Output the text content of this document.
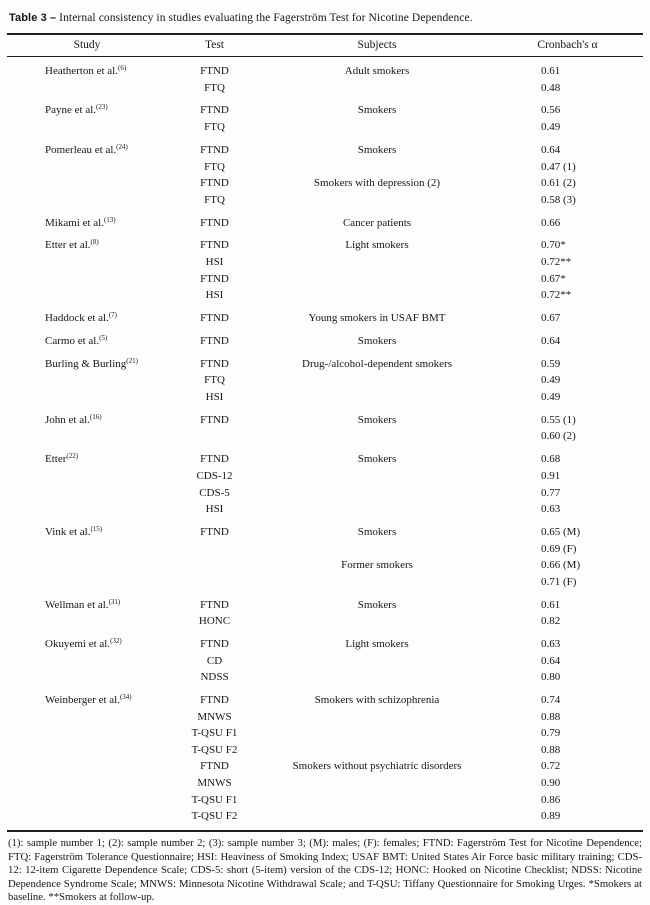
Table 3 – Internal consistency in studies evaluating the Fagerström Test for Nicotine Dependence.
Study	Test	Subjects	Cronbach's α
Heatherton et al.$^{(6)}$	FTND	Adult smokers	0.61
	FTQ		0.48
Payne et al.$^{(23)}$	FTND	Smokers	0.56
	FTQ		0.49
Pomerleau et al.$^{(24)}$	FTND	Smokers	0.64
	FTQ		0.47 (1)
	FTND	Smokers with depression (2)	0.61 (2)
	FTQ		0.58 (3)
Mikami et al.$^{(13)}$	FTND	Cancer patients	0.66
Etter et al.$^{(8)}$	FTND	Light smokers	0.70*
	HSI		0.72**
	FTND		0.67*
	HSI		0.72**
Haddock et al.$^{(7)}$	FTND	Young smokers in USAF BMT	0.67
Carmo et al.$^{(5)}$	FTND	Smokers	0.64
Burling & Burling$^{(21)}$	FTND	Drug-/alcohol-dependent smokers	0.59
	FTQ		0.49
	HSI		0.49
John et al.$^{(16)}$	FTND	Smokers	0.55 (1)
			0.60 (2)
Etter$^{(22)}$	FTND	Smokers	0.68
	CDS-12		0.91
	CDS-5		0.77
	HSI		0.63
Vink et al.$^{(15)}$	FTND	Smokers	0.65 (M)
			0.69 (F)
		Former smokers	0.66 (M)
			0.71 (F)
Wellman et al.$^{(31)}$	FTND	Smokers	0.61
	HONC		0.82
Okuyemi et al.$^{(32)}$	FTND	Light smokers	0.63
	CD		0.64
	NDSS		0.80
Weinberger et al.$^{(34)}$	FTND	Smokers with schizophrenia	0.74
	MNWS		0.88
	T-QSU F1		0.79
	T-QSU F2		0.88
	FTND	Smokers without psychiatric disorders	0.72
	MNWS		0.90
	T-QSU F1		0.86
	T-QSU F2		0.89
(1): sample number 1; (2): sample number 2; (3): sample number 3; (M): males; (F): females; FTND: Fagerström Test for Nicotine Dependence; FTQ: Fagerström Tolerance Questionnaire; HSI: Heaviness of Smoking Index; USAF BMT: United States Air Force basic military training; CDS-12: 12-item Cigarette Dependence Scale; CDS-5: short (5-item) version of the CDS-12; HONC: Hooked on Nicotine Checklist; NDSS: Nicotine Dependence Syndrome Scale; MNWS: Minnesota Nicotine Withdrawal Scale; and T-QSU: Tiffany Questionnaire for Smoking Urges. *Smokers at baseline. **Smokers at follow-up.
